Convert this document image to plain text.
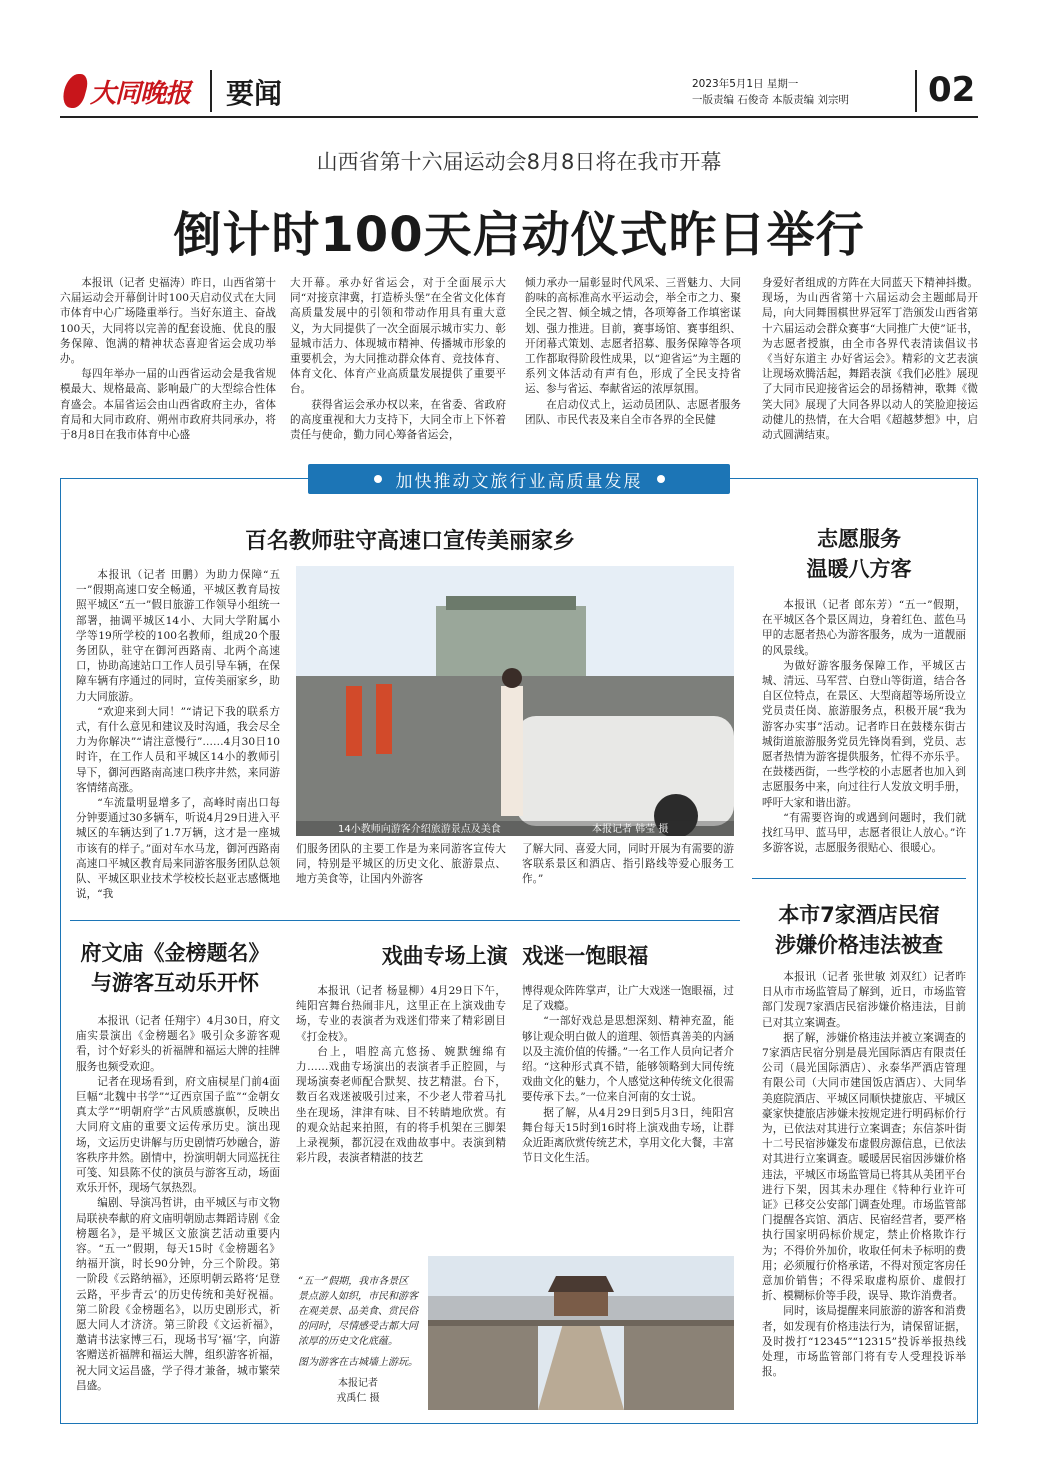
大同晚报 要闻	2023年5月1日 星期一
一版责编 石俊奇 本版责编 刘宗明 02
山西省第十六届运动会8月8日将在我市开幕
倒计时100天启动仪式昨日举行

本报讯（记者 史福涛）昨日，山西省第十六届运动会开幕倒计时100天启动仪式在大同市体育中心广场隆重举行。当好东道主、奋战100天，大同将以完善的配套设施、优良的服务保障、饱满的精神状态喜迎省运会成功举办。

每四年举办一届的山西省运动会是我省规模最大、规格最高、影响最广的大型综合性体育盛会。本届省运会由山西省政府主办，省体育局和大同市政府、朔州市政府共同承办，将于8月8日在我市体育中心盛

大开幕。承办好省运会，对于全面展示大同“对接京津冀，打造桥头堡”在全省文化体育高质量发展中的引领和带动作用具有重大意义，为大同提供了一次全面展示城市实力、彰显城市活力、体现城市精神、传播城市形象的重要机会，为大同推动群众体育、竞技体育、体育文化、体育产业高质量发展提供了重要平台。

获得省运会承办权以来，在省委、省政府的高度重视和大力支持下，大同全市上下怀着责任与使命，勤力同心筹备省运会，

倾力承办一届彰显时代风采、三晋魅力、大同韵味的高标准高水平运动会，举全市之力、聚全民之智、倾全城之情，各项筹备工作填密谋划、强力推进。目前，赛事场馆、赛事组织、开闭幕式策划、志愿者招募、服务保障等各项工作都取得阶段性成果，以“迎省运”为主题的系列文体活动有声有色，形成了全民支持省运、参与省运、奉献省运的浓厚氛围。

在启动仪式上，运动员团队、志愿者服务团队、市民代表及来自全市各界的全民健

身爱好者组成的方阵在大同蓝天下精神抖擞。现场，为山西省第十六届运动会主题邮局开局，向大同舞围棋世界冠军丁浩颁发山西省第十六届运动会群众赛事“大同推广大使”证书，为志愿者授旗，由全市各界代表清读倡议书《当好东道主 办好省运会》。精彩的文艺表演让现场欢腾活起，舞蹈表演《我们必胜》展现了大同市民迎接省运会的昂扬精神，歌舞《微笑大同》展现了大同各界以动人的笑脸迎接运动健儿的热情，在大合唱《超越梦想》中，启动式圆满结束。

加快推动文旅行业高质量发展
百名教师驻守高速口宣传美丽家乡

本报讯（记者 田鹏）为助力保障“五一”假期高速口安全畅通，平城区教育局按照平城区“五一”假日旅游工作领导小组统一部署，抽调平城区14小、大同大学附属小学等19所学校的100名教师，组成20个服务团队，驻守在御河西路南、北两个高速口，协助高速站口工作人员引导车辆，在保障车辆有序通过的同时，宣传美丽家乡，助力大同旅游。

“欢迎来到大同！”“请记下我的联系方式，有什么意见和建议及时沟通，我会尽全力为你解决”“请注意慢行”……4月30日10时许，在工作人员和平城区14小的教师引导下，御河西路南高速口秩序井然，来同游客情绪高涨。

“车流量明显增多了，高峰时南出口每分钟要通过30多辆车，听说4月29日进入平城区的车辆达到了1.7万辆，这才是一座城市该有的样子。”面对车水马龙，御河西路南高速口平城区教育局来同游客服务团队总领队、平城区职业技术学校校长赵亚志感慨地说，“我

14小教师向游客介绍旅游景点及美食	本报记者 韩莹 摄

们服务团队的主要工作是为来同游客宣传大同，特别是平城区的历史文化、旅游景点、地方美食等，让国内外游客

了解大同、喜爱大同，同时开展为有需要的游客联系景区和酒店、指引路线等爱心服务工作。”

志愿服务
温暖八方客

本报讯（记者 郎东芳）“五一”假期，在平城区各个景区周边，身着红色、蓝色马甲的志愿者热心为游客服务，成为一道靓丽的风景线。

为做好游客服务保障工作，平城区古城、清远、马军营、白登山等街道，结合各自区位特点，在景区、大型商超等场所设立党员责任岗、旅游服务点，积极开展“我为游客办实事”活动。记者昨日在鼓楼东街古城街道旅游服务党员先锋岗看到，党员、志愿者热情为游客提供服务，忙得不亦乐乎。在鼓楼西街，一些学校的小志愿者也加入到志愿服务中来，向过往行人发放文明手册，呼吁大家和谐出游。

“有需要咨询的或遇到问题时，我们就找红马甲、蓝马甲，志愿者很让人放心。”许多游客说，志愿服务很贴心、很暖心。

本市7家酒店民宿
涉嫌价格违法被查

本报讯（记者 张世敏 刘双红）记者昨日从市市场监管局了解到，近日，市场监管部门发现7家酒店民宿涉嫌价格违法，目前已对其立案调查。

据了解，涉嫌价格违法并被立案调查的7家酒店民宿分别是晨光国际酒店有限责任公司（晨光国际酒店）、永泰华严酒店管理有限公司（大同市建国饭店酒店）、大同华美庭院酒店、平城区同顺快捷旅店、平城区豪家快捷旅店涉嫌未按规定进行明码标价行为，已依法对其进行立案调查；东信茶叶街十二号民宿涉嫌发布虚假房源信息，已依法对其进行立案调查。暖暖居民宿因涉嫌价格违法，平城区市场监管局已将其从美团平台进行下架，因其未办理住《特种行业许可证》已移交公安部门调查处理。市场监管部门提醒各宾馆、酒店、民宿经营者，要严格执行国家明码标价规定，禁止价格欺诈行为；不得价外加价，收取任何未予标明的费用；必须履行价格承诺，不得对预定客房任意加价销售；不得采取虚构原价、虚假打折、模糊标价等手段，误导、欺诈消费者。

同时，该局提醒来同旅游的游客和消费者，如发现有价格违法行为，请保留证据，及时拨打“12345”“12315”投诉举报热线处理，市场监管部门将有专人受理投诉举报。

府文庙《金榜题名》
与游客互动乐开怀

本报讯（记者 任翔宇）4月30日，府文庙实景演出《金榜题名》吸引众多游客观看，讨个好彩头的祈福牌和福运大牌的挂牌服务也频受欢迎。

记者在现场看到，府文庙棂星门前4面巨幅“北魏中书学”“辽西京国子监”“金朝女真太学”“明朝府学”古风质感旗帜，反映出大同府文庙的重要文运传承历史。演出现场，文运历史讲解与历史剧情巧妙融合，游客秩序井然。剧情中，扮演明朝大同巡抚往可笺、知县陈不仗的演员与游客互动，场面欢乐开怀，现场气氛热烈。

编剧、导演冯哲讲，由平城区与市文物局联袂奉献的府文庙明朝励志舞蹈诗剧《金榜题名》，是平城区文旅演艺活动重要内容。“五一”假期，每天15时《金榜题名》纳福开演，时长90分钟，分三个阶段。第一阶段《云路纳福》，还原明朝云路将‘足登云路，平步青云’的历史传统和美好祝福。第二阶段《金榜题名》，以历史剧形式，祈愿大同人才济济。第三阶段《文运祈福》，邀请书法家博三石，现场书写‘福’字，向游客赠送祈福牌和福运大牌，组织游客祈福，祝大同文运昌盛，学子得才兼备，城市繁荣昌盛。

戏曲专场上演  戏迷一饱眼福

本报讯（记者 杨显柳）4月29日下午，纯阳宫舞台热闹非凡，这里正在上演戏曲专场，专业的表演者为戏迷们带来了精彩剧目《打金枝》。

台上，唱腔高亢悠扬、婉默缠绵有力……戏曲专场演出的表演者手正腔圆，与现场演奏老师配合默契、技艺精湛。台下，数百名戏迷被吸引过来，不少老人带着马扎坐在现场，津津有味、目不转睛地欣赏。有的观众站起来拍照，有的将手机架在三脚架上录视频，都沉浸在戏曲故事中。表演到精彩片段，表演者精湛的技艺

博得观众阵阵掌声，让广大戏迷一饱眼福，过足了戏瘾。

“一部好戏总是思想深刻、精神充盈，能够让观众明白做人的道理、领悟真善美的内涵以及主流价值的传播。”一名工作人员向记者介绍。“这种形式真不错，能够领略到大同传统戏曲文化的魅力，个人感觉这种传统文化很需要传承下去。”一位来自河南的女士说。

据了解，从4月29日到5月3日，纯阳宫舞台每天15时到16时将上演戏曲专场，让群众近距离欣赏传统艺术，享用文化大餐，丰富节日文化生活。

“五一”假期，我市各景区景点游人如织，市民和游客在观美景、品美食、赏民俗的同时，尽情感受古都大同浓厚的历史文化底蕴。
图为游客在古城墙上游玩。
本报记者
戎禹仁 摄
